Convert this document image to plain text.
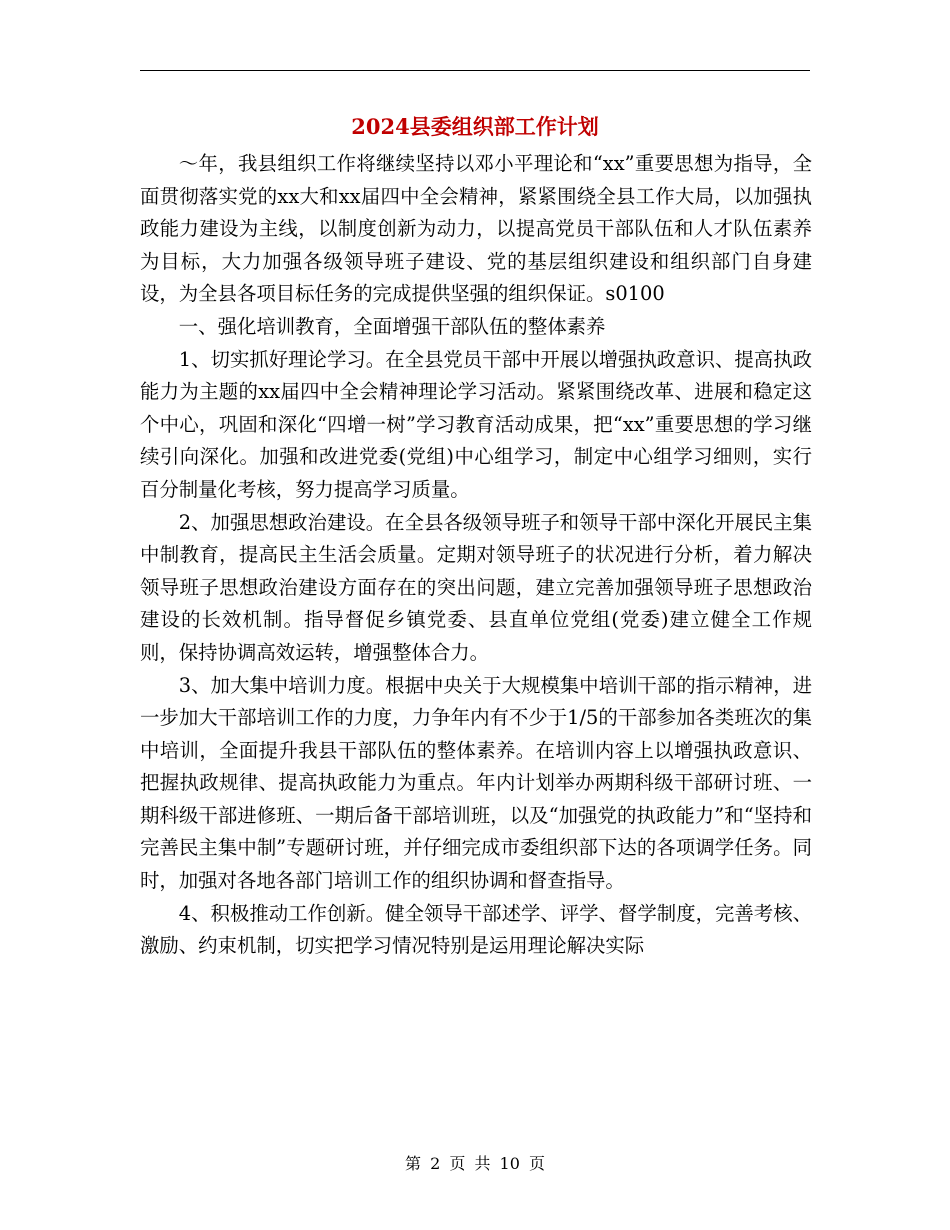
2024县委组织部工作计划

～年，我县组织工作将继续坚持以邓小平理论和“xx”重要思想为指导，全面贯彻落实党的xx大和xx届四中全会精神，紧紧围绕全县工作大局，以加强执政能力建设为主线，以制度创新为动力，以提高党员干部队伍和人才队伍素养为目标，大力加强各级领导班子建设、党的基层组织建设和组织部门自身建设，为全县各项目标任务的完成提供坚强的组织保证。s0100

一、强化培训教育，全面增强干部队伍的整体素养

1、切实抓好理论学习。在全县党员干部中开展以增强执政意识、提高执政能力为主题的xx届四中全会精神理论学习活动。紧紧围绕改革、进展和稳定这个中心，巩固和深化“四增一树”学习教育活动成果，把“xx”重要思想的学习继续引向深化。加强和改进党委(党组)中心组学习，制定中心组学习细则，实行百分制量化考核，努力提高学习质量。

2、加强思想政治建设。在全县各级领导班子和领导干部中深化开展民主集中制教育，提高民主生活会质量。定期对领导班子的状况进行分析，着力解决领导班子思想政治建设方面存在的突出问题，建立完善加强领导班子思想政治建设的长效机制。指导督促乡镇党委、县直单位党组(党委)建立健全工作规则，保持协调高效运转，增强整体合力。

3、加大集中培训力度。根据中央关于大规模集中培训干部的指示精神，进一步加大干部培训工作的力度，力争年内有不少于1/5的干部参加各类班次的集中培训，全面提升我县干部队伍的整体素养。在培训内容上以增强执政意识、把握执政规律、提高执政能力为重点。年内计划举办两期科级干部研讨班、一期科级干部进修班、一期后备干部培训班，以及“加强党的执政能力”和“坚持和完善民主集中制”专题研讨班，并仔细完成市委组织部下达的各项调学任务。同时，加强对各地各部门培训工作的组织协调和督查指导。

4、积极推动工作创新。健全领导干部述学、评学、督学制度，完善考核、激励、约束机制，切实把学习情况特别是运用理论解决实际

第 2 页 共 10 页
